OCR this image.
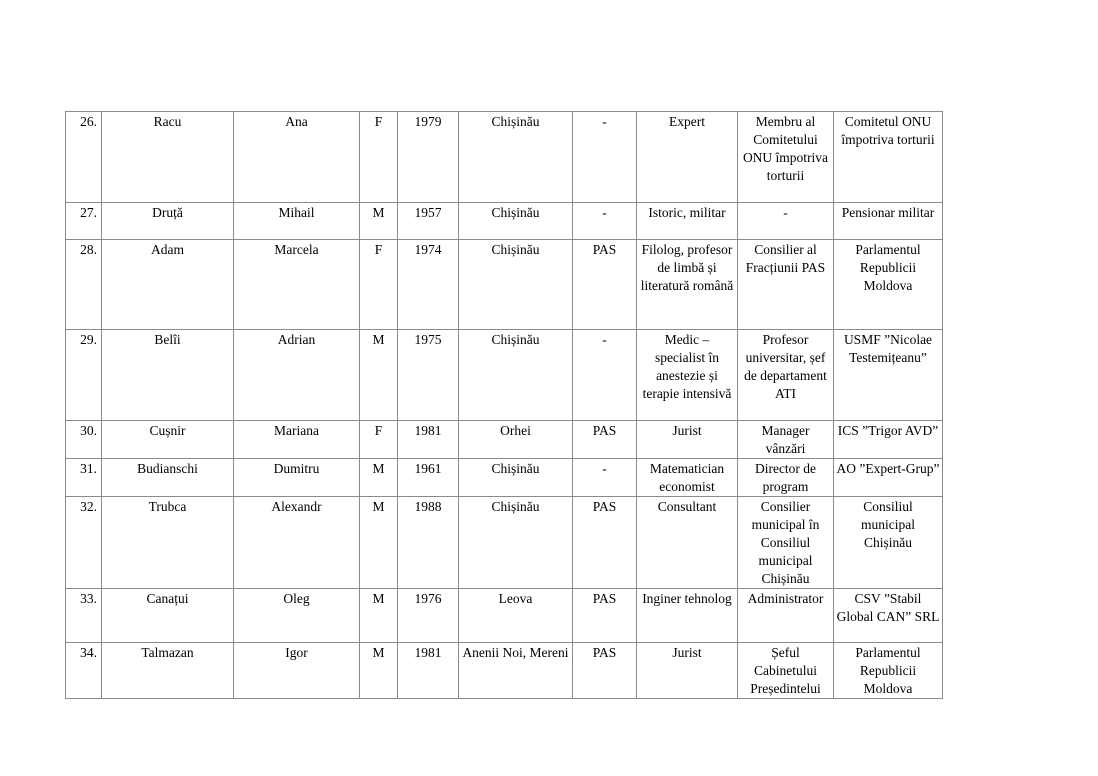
26.	Racu	Ana	F	1979	Chișinău	-	Expert	Membru al Comitetului ONU împotriva torturii	Comitetul ONU împotriva torturii
27.	Druță	Mihail	M	1957	Chișinău	-	Istoric, militar	-	Pensionar militar
28.	Adam	Marcela	F	1974	Chișinău	PAS	Filolog, profesor de limbă și literatură română	Consilier al Fracțiunii PAS	Parlamentul Republicii Moldova
29.	Belîi	Adrian	M	1975	Chișinău	-	Medic – specialist în anestezie și terapie intensivă	Profesor universitar, șef de departament ATI	USMF ”Nicolae Testemițeanu”
30.	Cușnir	Mariana	F	1981	Orhei	PAS	Jurist	Manager vânzări	ICS ”Trigor AVD”
31.	Budianschi	Dumitru	M	1961	Chișinău	-	Matematician economist	Director de program	AO ”Expert-Grup”
32.	Trubca	Alexandr	M	1988	Chișinău	PAS	Consultant	Consilier municipal în Consiliul municipal Chișinău	Consiliul municipal Chișinău
33.	Canațui	Oleg	M	1976	Leova	PAS	Inginer tehnolog	Administrator	CSV ”Stabil Global CAN” SRL
34.	Talmazan	Igor	M	1981	Anenii Noi, Mereni	PAS	Jurist	Șeful Cabinetului Președintelui	Parlamentul Republicii Moldova
